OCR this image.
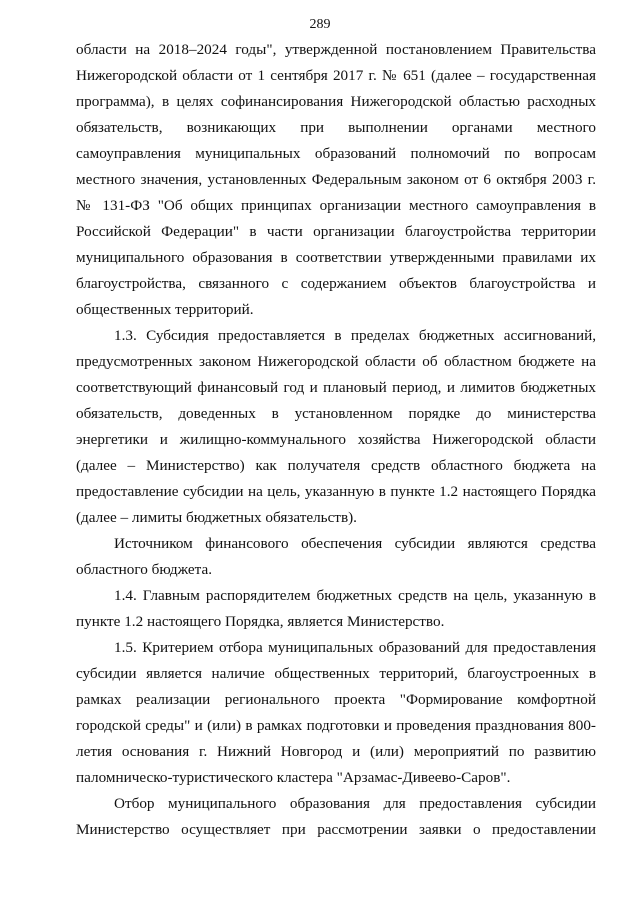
289
области на 2018–2024 годы", утвержденной постановлением Правительства
Нижегородской области от 1 сентября 2017 г. № 651 (далее – государственная
программа), в целях софинансирования Нижегородской областью расходных
обязательств, возникающих при выполнении органами местного
самоуправления муниципальных образований полномочий по вопросам
местного значения, установленных Федеральным законом от 6 октября 2003 г.
№ 131-ФЗ "Об общих принципах организации местного самоуправления в
Российской Федерации" в части организации благоустройства территории
муниципального образования в соответствии утвержденными правилами их
благоустройства, связанного с содержанием объектов благоустройства и
общественных территорий.
1.3. Субсидия предоставляется в пределах бюджетных ассигнований,
предусмотренных законом Нижегородской области об областном бюджете на
соответствующий финансовый год и плановый период, и лимитов бюджетных
обязательств, доведенных в установленном порядке до министерства
энергетики и жилищно-коммунального хозяйства Нижегородской области
(далее – Министерство) как получателя средств областного бюджета на
предоставление субсидии на цель, указанную в пункте 1.2 настоящего Порядка
(далее – лимиты бюджетных обязательств).
Источником финансового обеспечения субсидии являются средства
областного бюджета.
1.4. Главным распорядителем бюджетных средств на цель, указанную в
пункте 1.2 настоящего Порядка, является Министерство.
1.5. Критерием отбора муниципальных образований для предоставления
субсидии является наличие общественных территорий, благоустроенных в
рамках реализации регионального проекта "Формирование комфортной
городской среды" и (или) в рамках подготовки и проведения празднования 800-
летия основания г. Нижний Новгород и (или) мероприятий по развитию
паломническо-туристического кластера "Арзамас-Дивеево-Саров".
Отбор муниципального образования для предоставления субсидии
Министерство осуществляет при рассмотрении заявки о предоставлении
